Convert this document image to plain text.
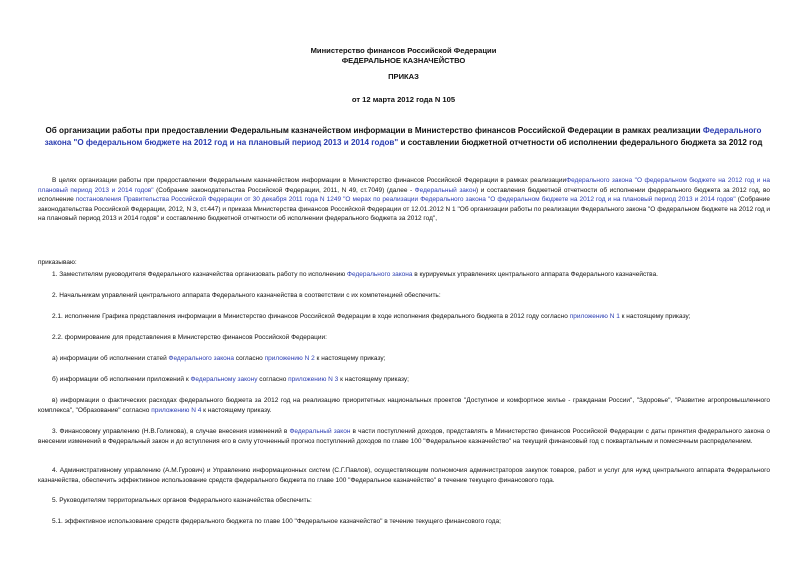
Министерство финансов Российской Федерации
ФЕДЕРАЛЬНОЕ КАЗНАЧЕЙСТВО
ПРИКАЗ
от 12 марта 2012 года N 105
Об организации работы при предоставлении Федеральным казначейством информации в Министерство финансов Российской Федерации в рамках реализации Федерального закона "О федеральном бюджете на 2012 год и на плановый период 2013 и 2014 годов" и составлении бюджетной отчетности об исполнении федерального бюджета за 2012 год
В целях организации работы при предоставлении Федеральным казначейством информации в Министерство финансов Российской Федерации в рамках реализацииФедерального закона "О федеральном бюджете на 2012 год и на плановый период 2013 и 2014 годов" (Собрание законодательства Российской Федерации, 2011, N 49, ст.7049) (далее - Федеральный закон) и составления бюджетной отчетности об исполнении федерального бюджета за 2012 год, во исполнение постановления Правительства Российской Федерации от 30 декабря 2011 года N 1249 "О мерах по реализации Федерального закона "О федеральном бюджете на 2012 год и на плановый период 2013 и 2014 годов" (Собрание законодательства Российской Федерации, 2012, N 3, ст.447) и приказа Министерства финансов Российской Федерации от 12.01.2012 N 1 "Об организации работы по реализации Федерального закона "О федеральном бюджете на 2012 год и на плановый период 2013 и 2014 годов" и составлению бюджетной отчетности об исполнении федерального бюджета за 2012 год",
приказываю:
1. Заместителям руководителя Федерального казначейства организовать работу по исполнению Федерального закона в курируемых управлениях центрального аппарата Федерального казначейства.
2. Начальникам управлений центрального аппарата Федерального казначейства в соответствии с их компетенцией обеспечить:
2.1. исполнение Графика представления информации в Министерство финансов Российской Федерации в ходе исполнения федерального бюджета в 2012 году согласно приложению N 1 к настоящему приказу;
2.2. формирование для представления в Министерство финансов Российской Федерации:
а) информации об исполнении статей Федерального закона согласно приложению N 2 к настоящему приказу;
б) информации об исполнении приложений к Федеральному закону согласно приложению N 3 к настоящему приказу;
в) информации о фактических расходах федерального бюджета за 2012 год на реализацию приоритетных национальных проектов "Доступное и комфортное жилье - гражданам России", "Здоровье", "Развитие агропромышленного комплекса", "Образование" согласно приложению N 4 к настоящему приказу.
3. Финансовому управлению (Н.В.Голикова), в случае внесения изменений в Федеральный закон в части поступлений доходов, представлять в Министерство финансов Российской Федерации с даты принятия федерального закона о внесении изменений в Федеральный закон и до вступления его в силу уточненный прогноз поступлений доходов по главе 100 "Федеральное казначейство" на текущий финансовый год с поквартальным и помесячным распределением.
4. Административному управлению (А.М.Гурович) и Управлению информационных систем (С.Г.Павлов), осуществляющим полномочия администраторов закупок товаров, работ и услуг для нужд центрального аппарата Федерального казначейства, обеспечить эффективное использование средств федерального бюджета по главе 100 "Федеральное казначейство" в течение текущего финансового года.
5. Руководителям территориальных органов Федерального казначейства обеспечить:
5.1. эффективное использование средств федерального бюджета по главе 100 "Федеральное казначейство" в течение текущего финансового года;
